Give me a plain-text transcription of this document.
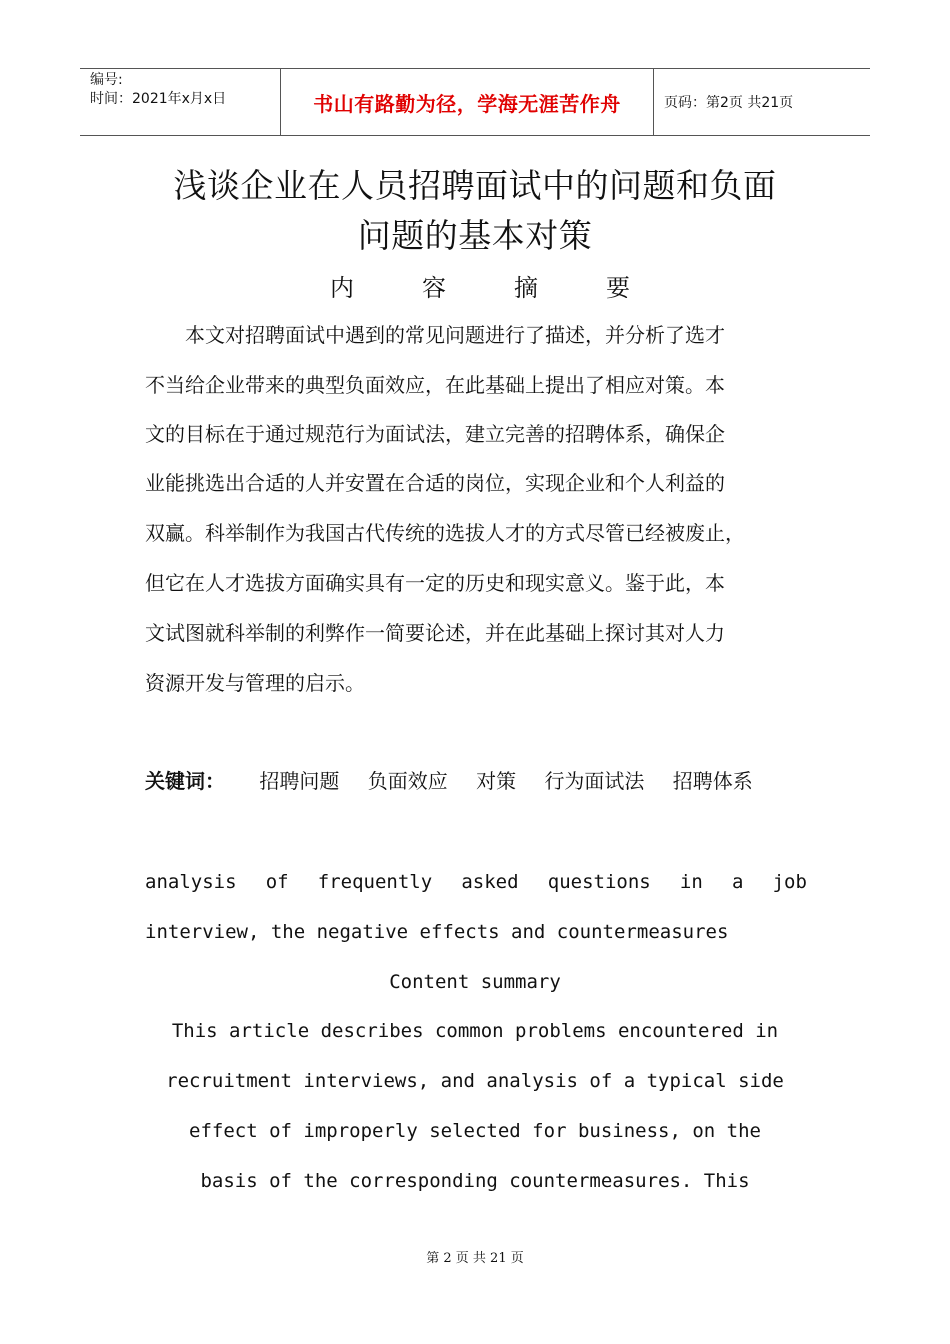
编号:
时间：2021年x月x日	书山有路勤为径，学海无涯苦作舟	页码：第2页 共21页
浅谈企业在人员招聘面试中的问题和负面
问题的基本对策
内	容	摘	要
　　本文对招聘面试中遇到的常见问题进行了描述，并分析了选才
不当给企业带来的典型负面效应，在此基础上提出了相应对策。本
文的目标在于通过规范行为面试法，建立完善的招聘体系，确保企
业能挑选出合适的人并安置在合适的岗位，实现企业和个人利益的
双赢。科举制作为我国古代传统的选拔人才的方式尽管已经被废止，
但它在人才选拔方面确实具有一定的历史和现实意义。鉴于此，本
文试图就科举制的利弊作一简要论述，并在此基础上探讨其对人力
资源开发与管理的启示。
关键词： 招聘问题 负面效应 对策 行为面试法 招聘体系
analysis of frequently asked questions in a job
interview, the negative effects and countermeasures
Content summary
This article describes common problems encountered in
recruitment interviews, and analysis of a typical side
effect of improperly selected for business, on the
basis of the corresponding countermeasures. This
第 2 页 共 21 页
